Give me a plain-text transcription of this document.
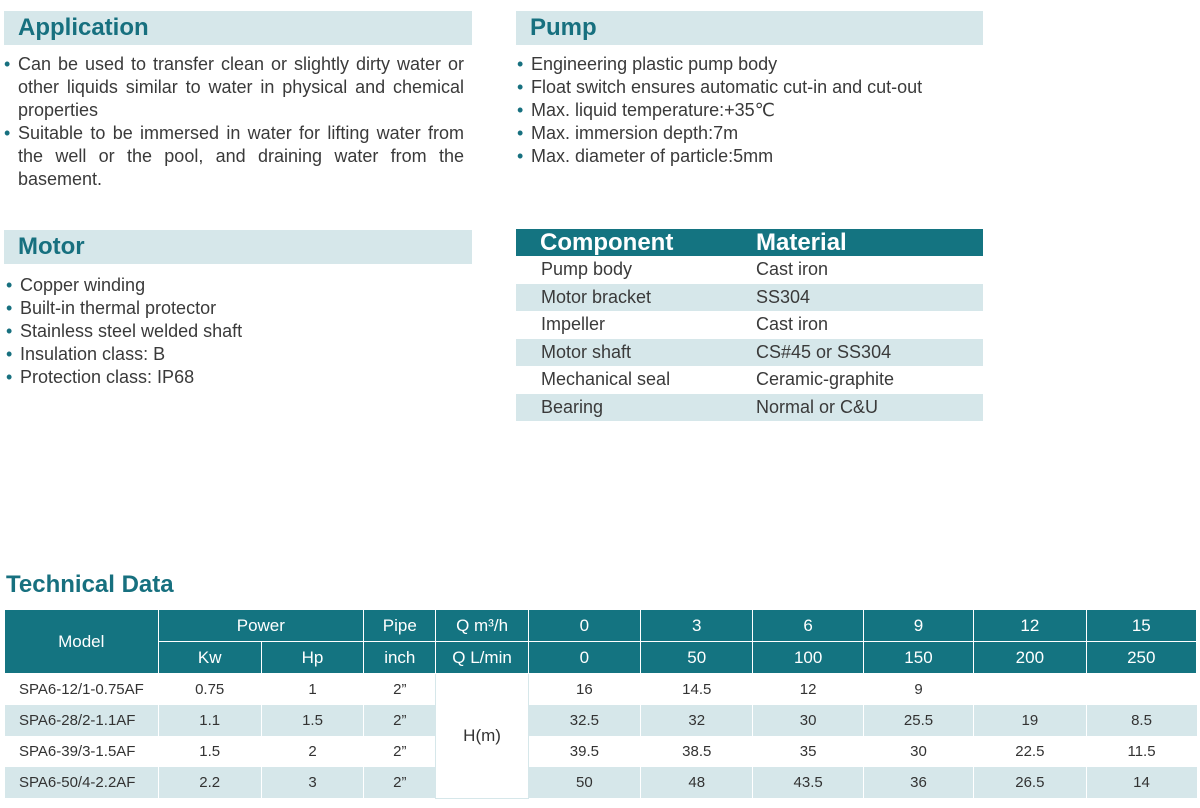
Application
• Can be used to transfer clean or slightly dirty water or other liquids similar to water in physical and chemical properties
• Suitable to be immersed in water for lifting water from the well or the pool, and draining water from the basement.
Pump
• Engineering plastic pump body
• Float switch ensures automatic cut-in and cut-out
• Max. liquid temperature:+35℃
• Max. immersion depth:7m
• Max. diameter of particle:5mm
Motor
• Copper winding
• Built-in thermal protector
• Stainless steel welded shaft
• Insulation class: B
• Protection class: IP68
Component	Material
Pump body	Cast iron
Motor bracket	SS304
Impeller	Cast iron
Motor shaft	CS#45 or SS304
Mechanical seal	Ceramic-graphite
Bearing	Normal or C&U
Technical Data
Model	Power		Pipe	Q m³/h	0	3	6	9	12	15
	Kw	Hp	inch	Q L/min	0	50	100	150	200	250
SPA6-12/1-0.75AF	0.75	1	2”	H(m)	16	14.5	12	9		
SPA6-28/2-1.1AF	1.1	1.5	2”		32.5	32	30	25.5	19	8.5
SPA6-39/3-1.5AF	1.5	2	2”		39.5	38.5	35	30	22.5	11.5
SPA6-50/4-2.2AF	2.2	3	2”		50	48	43.5	36	26.5	14
